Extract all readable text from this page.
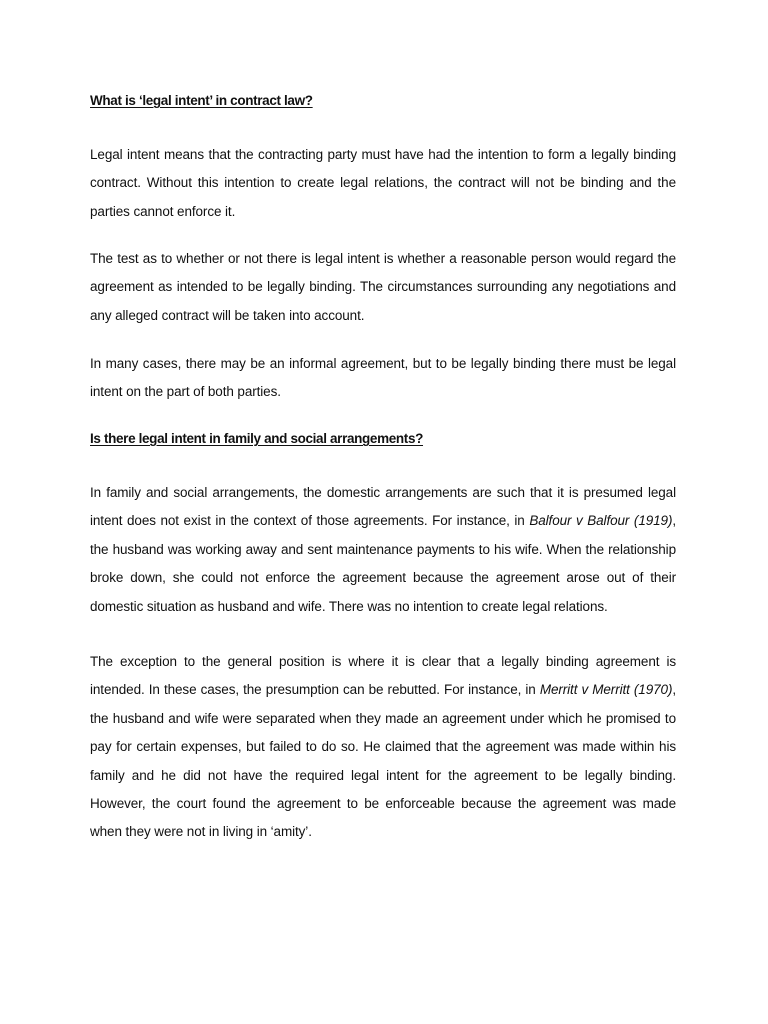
What is ‘legal intent’ in contract law?

Legal intent means that the contracting party must have had the intention to form a legally binding contract. Without this intention to create legal relations, the contract will not be binding and the parties cannot enforce it.

The test as to whether or not there is legal intent is whether a reasonable person would regard the agreement as intended to be legally binding. The circumstances surrounding any negotiations and any alleged contract will be taken into account.

In many cases, there may be an informal agreement, but to be legally binding there must be legal intent on the part of both parties.

Is there legal intent in family and social arrangements?

In family and social arrangements, the domestic arrangements are such that it is presumed legal intent does not exist in the context of those agreements. For instance, in Balfour v Balfour (1919), the husband was working away and sent maintenance payments to his wife. When the relationship broke down, she could not enforce the agreement because the agreement arose out of their domestic situation as husband and wife. There was no intention to create legal relations.

The exception to the general position is where it is clear that a legally binding agreement is intended. In these cases, the presumption can be rebutted. For instance, in Merritt v Merritt (1970), the husband and wife were separated when they made an agreement under which he promised to pay for certain expenses, but failed to do so. He claimed that the agreement was made within his family and he did not have the required legal intent for the agreement to be legally binding. However, the court found the agreement to be enforceable because the agreement was made when they were not in living in ‘amity’.
